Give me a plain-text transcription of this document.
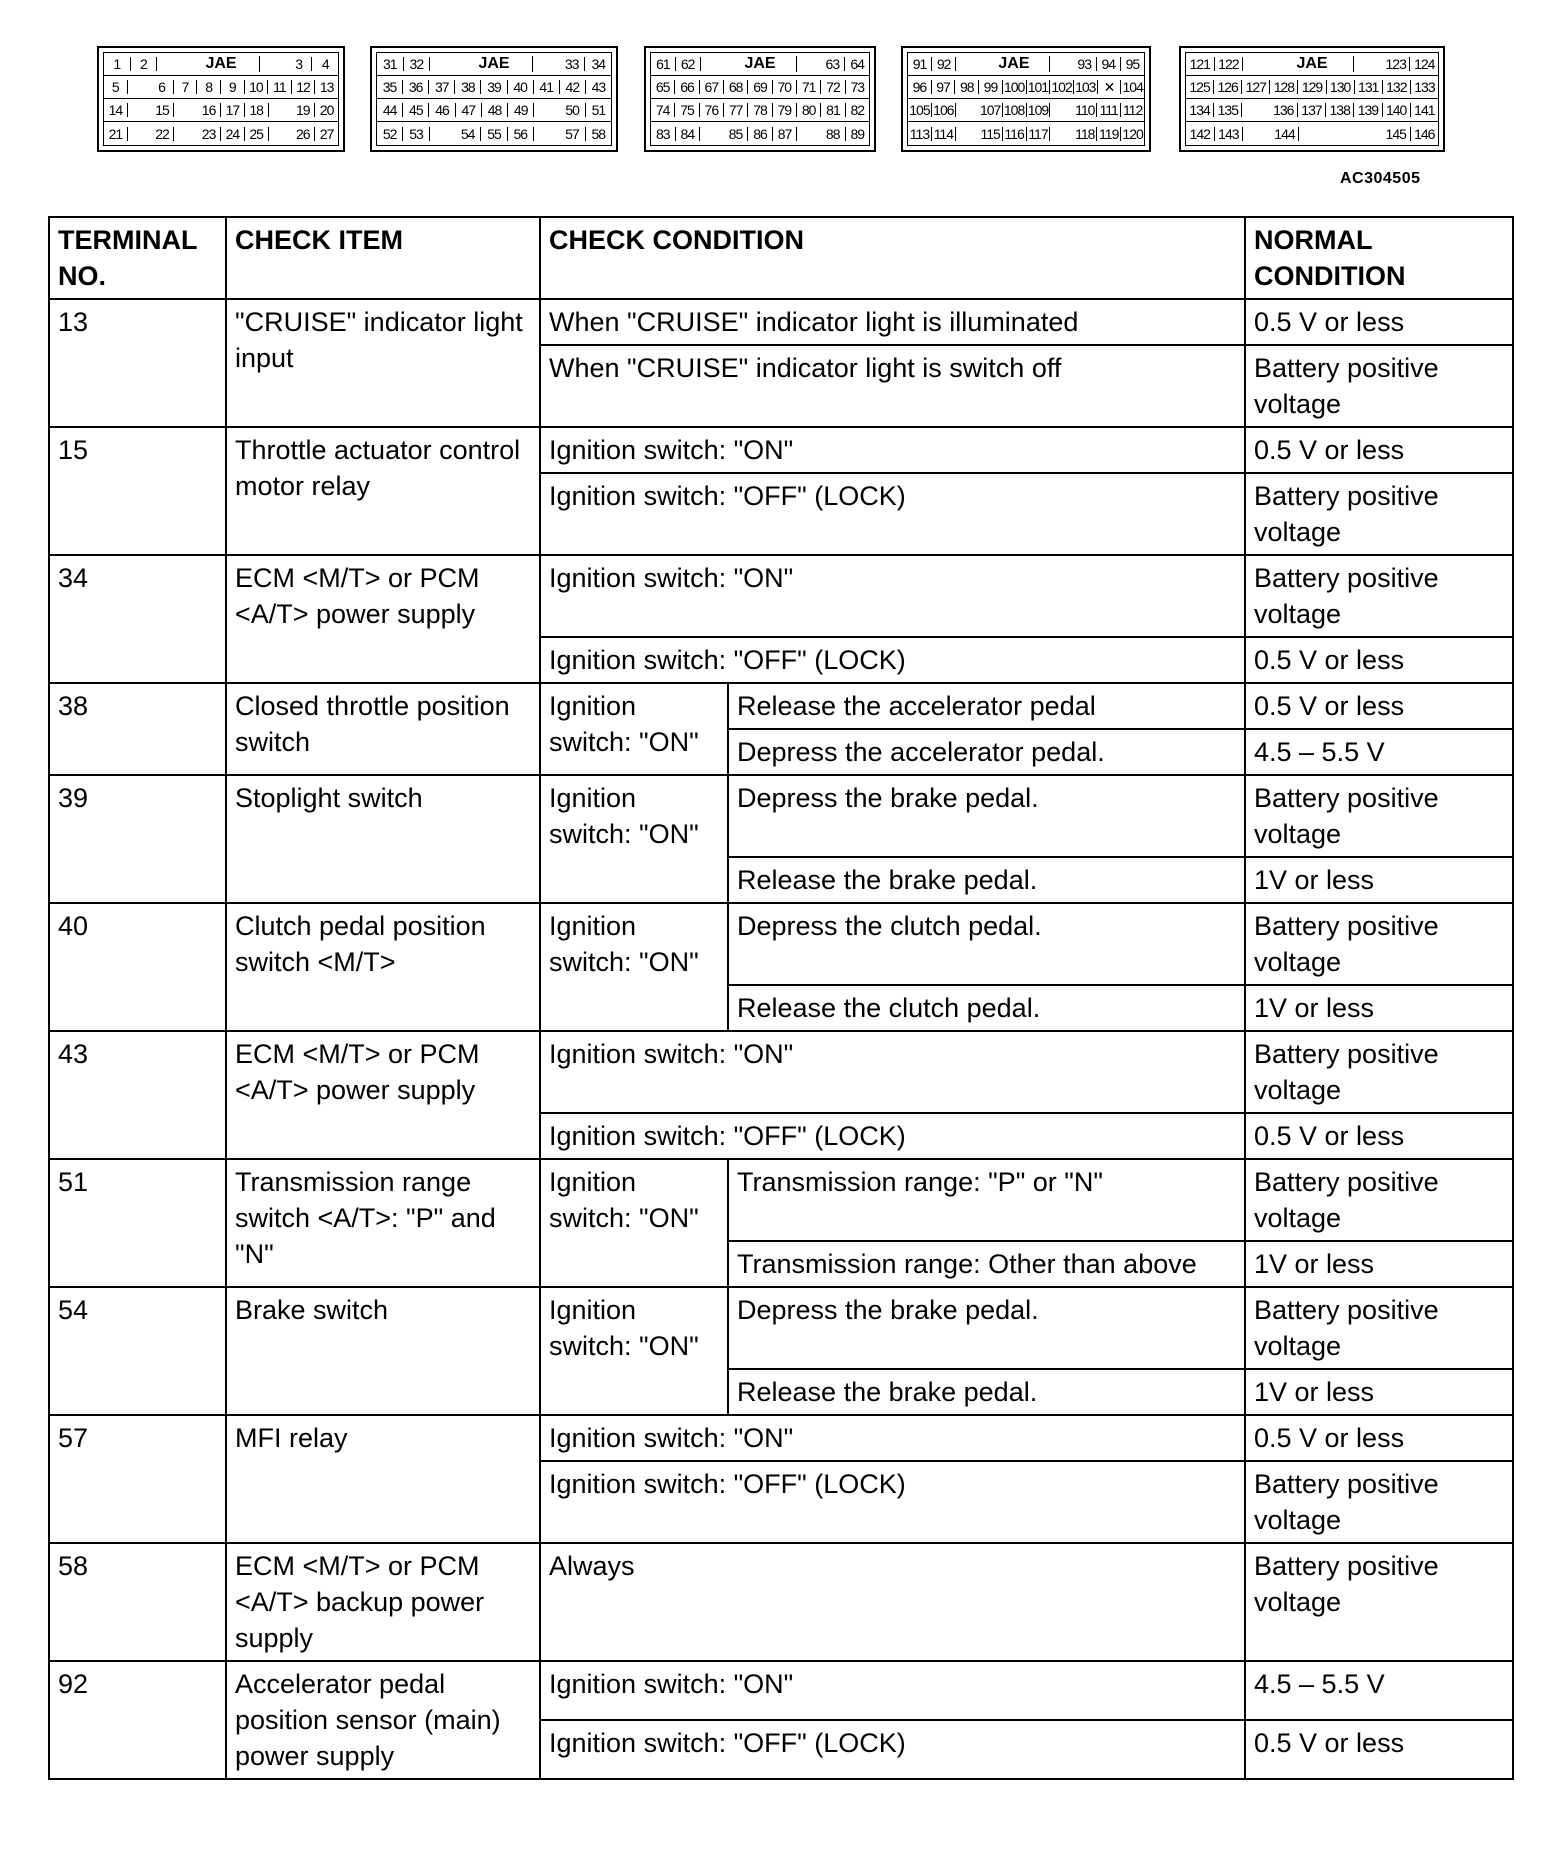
1	2	JAE	3	4
5	6	7	8	9 10 11 12 13
14	15	16 17 18	19 20
21	22	23 24 25	26 27
31 32	JAE	33 34
35 36 37 38 39 40 41 42 43
44 45 46 47 48 49	50 51
52 53	54 55 56	57 58
61 62	JAE	63 64
65 66 67 68 69 70 71 72 73
74 75 76 77 78 79 80 81 82
83 84	85 86 87	88 89
91 92	JAE	93 94 95
96 97 98 99 100 101 102 103 ✕ 104
105 106 107 108 109 110 111 112
113 114 115 116 117 118 119 120
121 122	JAE	123 124
125 126 127 128 129 130 131 132 133
134 135	136 137 138 139 140 141
142 143	144	145 146
AC304505
TERMINAL NO.	CHECK ITEM	CHECK CONDITION		NORMAL CONDITION
13	"CRUISE" indicator light input	When "CRUISE" indicator light is illuminated		0.5 V or less
		When "CRUISE" indicator light is switch off		Battery positive voltage
15	Throttle actuator control motor relay	Ignition switch: "ON"		0.5 V or less
		Ignition switch: "OFF" (LOCK)		Battery positive voltage
34	ECM <M/T> or PCM <A/T> power supply	Ignition switch: "ON"		Battery positive voltage
		Ignition switch: "OFF" (LOCK)		0.5 V or less
38	Closed throttle position switch	Ignition switch: "ON"	Release the accelerator pedal	0.5 V or less
			Depress the accelerator pedal.	4.5 – 5.5 V
39	Stoplight switch	Ignition switch: "ON"	Depress the brake pedal.	Battery positive voltage
			Release the brake pedal.	1V or less
40	Clutch pedal position switch <M/T>	Ignition switch: "ON"	Depress the clutch pedal.	Battery positive voltage
			Release the clutch pedal.	1V or less
43	ECM <M/T> or PCM <A/T> power supply	Ignition switch: "ON"		Battery positive voltage
		Ignition switch: "OFF" (LOCK)		0.5 V or less
51	Transmission range switch <A/T>: "P" and "N"	Ignition switch: "ON"	Transmission range: "P" or "N"	Battery positive voltage
			Transmission range: Other than above	1V or less
54	Brake switch	Ignition switch: "ON"	Depress the brake pedal.	Battery positive voltage
			Release the brake pedal.	1V or less
57	MFI relay	Ignition switch: "ON"		0.5 V or less
		Ignition switch: "OFF" (LOCK)		Battery positive voltage
58	ECM <M/T> or PCM <A/T> backup power supply	Always		Battery positive voltage
92	Accelerator pedal position sensor (main) power supply	Ignition switch: "ON"		4.5 – 5.5 V
		Ignition switch: "OFF" (LOCK)		0.5 V or less
